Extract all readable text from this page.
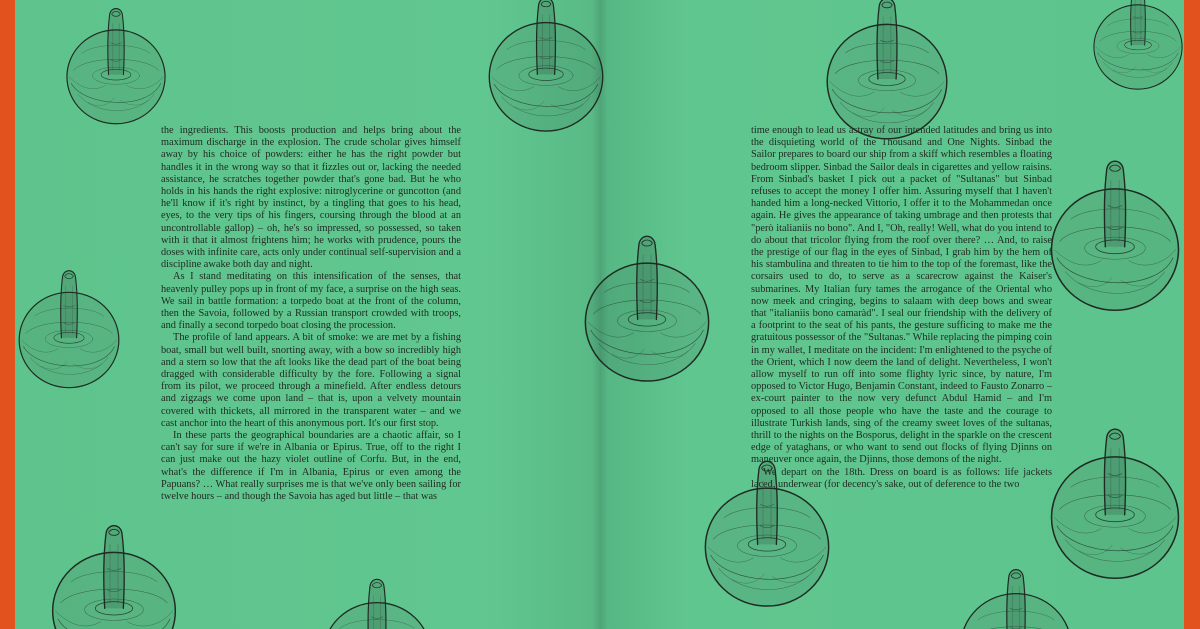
the ingredients. This boosts production and helps bring about the maximum discharge in the explosion. The crude scholar gives himself away by his choice of powders: either he has the right powder but handles it in the wrong way so that it fizzles out or, lacking the needed assistance, he scratches together powder that's gone bad. But he who holds in his hands the right explosive: nitroglycerine or guncotton (and he'll know if it's right by instinct, by a tingling that goes to his head, eyes, to the very tips of his fingers, coursing through the blood at an uncontrollable gallop) – oh, he's so impressed, so possessed, so taken with it that it almost frightens him; he works with prudence, pours the doses with infinite care, acts only under continual self-supervision and a discipline awake both day and night.

As I stand meditating on this intensification of the senses, that heavenly pulley pops up in front of my face, a surprise on the high seas. We sail in battle formation: a torpedo boat at the front of the column, then the Savoia, followed by a Russian transport crowded with troops, and finally a second torpedo boat closing the procession.

The profile of land appears. A bit of smoke: we are met by a fishing boat, small but well built, snorting away, with a bow so incredibly high and a stern so low that the aft looks like the dead part of the boat being dragged with considerable difficulty by the fore. Following a signal from its pilot, we proceed through a minefield. After endless detours and zigzags we come upon land – that is, upon a velvety mountain covered with thickets, all mirrored in the transparent water – and we cast anchor into the heart of this anonymous port. It's our first stop.

In these parts the geographical boundaries are a chaotic affair, so I can't say for sure if we're in Albania or Epirus. True, off to the right I can just make out the hazy violet outline of Corfu. But, in the end, what's the difference if I'm in Albania, Epirus or even among the Papuans? … What really surprises me is that we've only been sailing for twelve hours – and though the Savoia has aged but little – that was

time enough to lead us astray of our intended latitudes and bring us into the disquieting world of the Thousand and One Nights. Sinbad the Sailor prepares to board our ship from a skiff which resembles a floating bedroom slipper. Sinbad the Sailor deals in cigarettes and yellow raisins. From Sinbad's basket I pick out a packet of "Sultanas" but Sinbad refuses to accept the money I offer him. Assuring myself that I haven't handed him a long-necked Vittorio, I offer it to the Mohammedan once again. He gives the appearance of taking umbrage and then protests that "però italianiis no bono". And I, "Oh, really! Well, what do you intend to do about that tricolor flying from the roof over there? … And, to raise the prestige of our flag in the eyes of Sinbad, I grab him by the hem of his stambulina and threaten to tie him to the top of the foremast, like the corsairs used to do, to serve as a scarecrow against the Kaiser's submarines. My Italian fury tames the arrogance of the Oriental who now meek and cringing, begins to salaam with deep bows and swear that "italianiis bono camaràd". I seal our friendship with the delivery of a footprint to the seat of his pants, the gesture sufficing to make me the gratuitous possessor of the "Sultanas." While replacing the pimping coin in my wallet, I meditate on the incident: I'm enlightened to the psyche of the Orient, which I now deem the land of delight. Nevertheless, I won't allow myself to run off into some flighty lyric since, by nature, I'm opposed to Victor Hugo, Benjamin Constant, indeed to Fausto Zonarro – ex-court painter to the now very defunct Abdul Hamid – and I'm opposed to all those people who have the taste and the courage to illustrate Turkish lands, sing of the creamy sweet loves of the sultanas, thrill to the nights on the Bosporus, delight in the sparkle on the crescent edge of yataghans, or who want to send out flocks of flying Djinns on maneuver once again, the Djinns, those demons of the night.

We depart on the 18th. Dress on board is as follows: life jackets laced, underwear (for decency's sake, out of deference to the two
